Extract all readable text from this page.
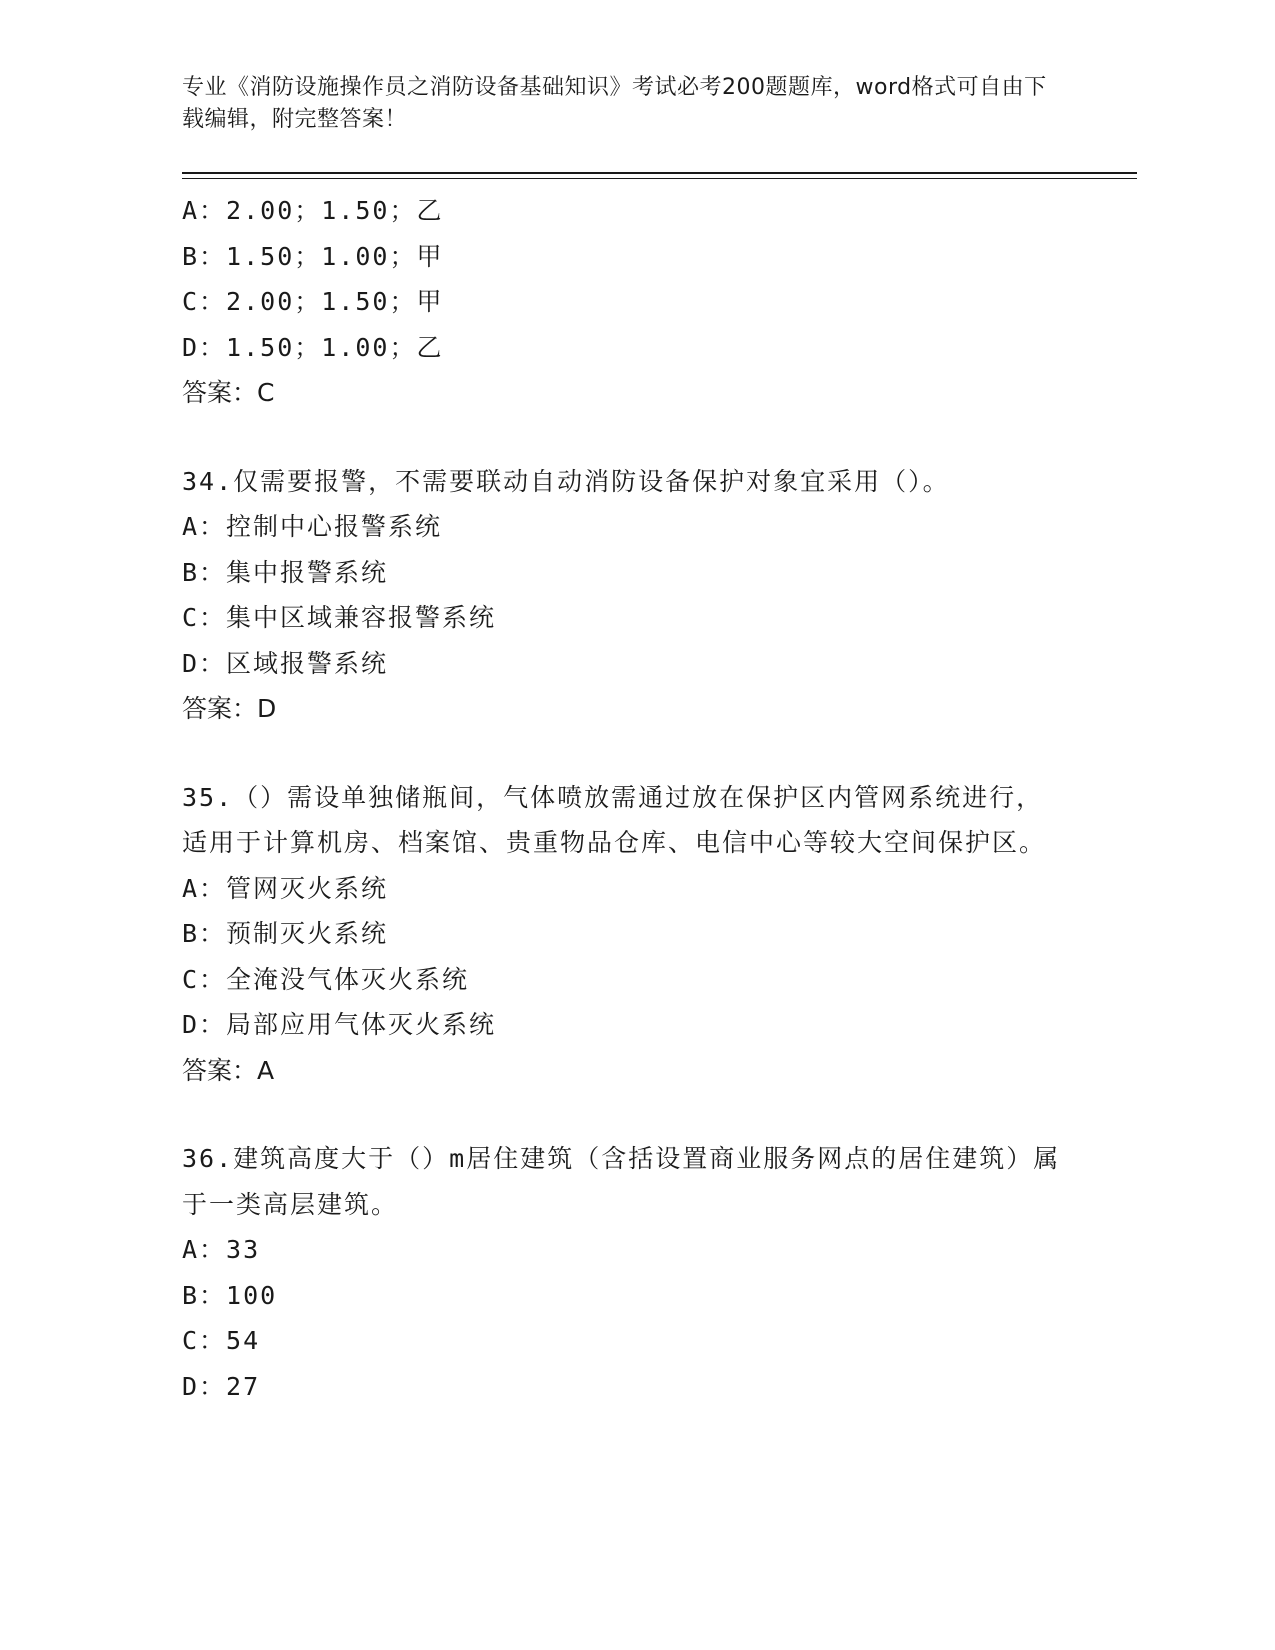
专业《消防设施操作员之消防设备基础知识》考试必考200题题库，word格式可自由下载编辑，附完整答案！
A：2.00；1.50；乙
B：1.50；1.00；甲
C：2.00；1.50；甲
D：1.50；1.00；乙
答案：C
34.仅需要报警，不需要联动自动消防设备保护对象宜采用（）。
A：控制中心报警系统
B：集中报警系统
C：集中区域兼容报警系统
D：区域报警系统
答案：D
35.（）需设单独储瓶间，气体喷放需通过放在保护区内管网系统进行，适用于计算机房、档案馆、贵重物品仓库、电信中心等较大空间保护区。
A：管网灭火系统
B：预制灭火系统
C：全淹没气体灭火系统
D：局部应用气体灭火系统
答案：A
36.建筑高度大于（）m居住建筑（含括设置商业服务网点的居住建筑）属于一类高层建筑。
A：33
B：100
C：54
D：27
